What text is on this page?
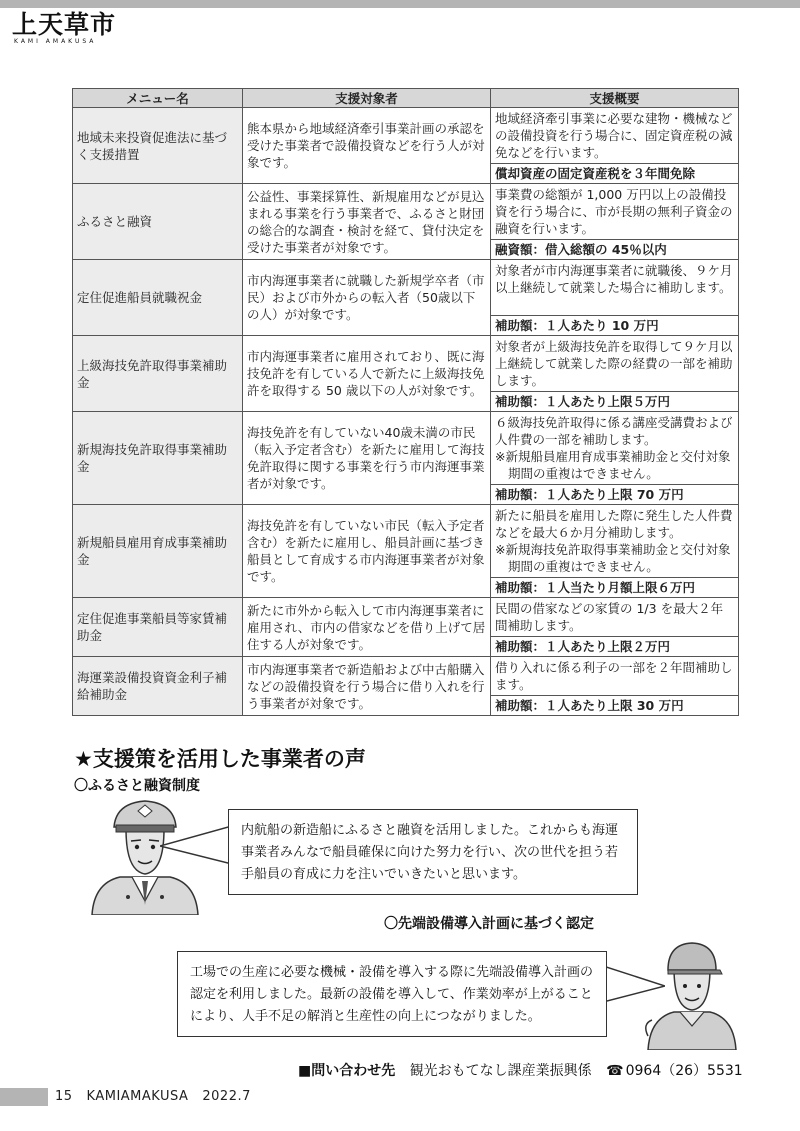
上天草市
KAMI AMAKUSA
メニュー名	支援対象者	支援概要
地域未来投資促進法に基づく支援措置	熊本県から地域経済牽引事業計画の承認を受けた事業者で設備投資などを行う人が対象です。	地域経済牽引事業に必要な建物・機械などの設備投資を行う場合に、固定資産税の減免などを行います。
		償却資産の固定資産税を３年間免除
ふるさと融資	公益性、事業採算性、新規雇用などが見込まれる事業を行う事業者で、ふるさと財団の総合的な調査・検討を経て、貸付決定を受けた事業者が対象です。	事業費の総額が 1,000 万円以上の設備投資を行う場合に、市が長期の無利子資金の融資を行います。
		融資額：借入総額の 45％以内
定住促進船員就職祝金	市内海運事業者に就職した新規学卒者（市民）および市外からの転入者（50歳以下の人）が対象です。	対象者が市内海運事業者に就職後、９ケ月以上継続して就業した場合に補助します。
		補助額：１人あたり 10 万円
上級海技免許取得事業補助金	市内海運事業者に雇用されており、既に海技免許を有している人で新たに上級海技免許を取得する 50 歳以下の人が対象です。	対象者が上級海技免許を取得して９ケ月以上継続して就業した際の経費の一部を補助します。
		補助額：１人あたり上限５万円
新規海技免許取得事業補助金	海技免許を有していない40歳未満の市民（転入予定者含む）を新たに雇用して海技免許取得に関する事業を行う市内海運事業者が対象です。	６級海技免許取得に係る講座受講費および人件費の一部を補助します。
※新規船員雇用育成事業補助金と交付対象期間の重複はできません。

		補助額：１人あたり上限 70 万円
新規船員雇用育成事業補助金	海技免許を有していない市民（転入予定者含む）を新たに雇用し、船員計画に基づき船員として育成する市内海運事業者が対象です。	新たに船員を雇用した際に発生した人件費などを最大６か月分補助します。
※新規海技免許取得事業補助金と交付対象期間の重複はできません。

		補助額：１人当たり月額上限６万円
定住促進事業船員等家賃補助金	新たに市外から転入して市内海運事業者に雇用され、市内の借家などを借り上げて居住する人が対象です。	民間の借家などの家賃の 1/3 を最大２年間補助します。
		補助額：１人あたり上限２万円
海運業設備投資資金利子補給補助金	市内海運事業者で新造船および中古船購入などの設備投資を行う場合に借り入れを行う事業者が対象です。	借り入れに係る利子の一部を２年間補助します。
		補助額：１人あたり上限 30 万円
★支援策を活用した事業者の声
〇ふるさと融資制度
内航船の新造船にふるさと融資を活用しました。これからも海運事業者みんなで船員確保に向けた努力を行い、次の世代を担う若手船員の育成に力を注いでいきたいと思います。
〇先端設備導入計画に基づく認定
工場での生産に必要な機械・設備を導入する際に先端設備導入計画の認定を利用しました。最新の設備を導入して、作業効率が上がることにより、人手不足の解消と生産性の向上につながりました。
■問い合わせ先 観光おもてなし課産業振興係 ☎ 0964（26）5531
15 KAMIAMAKUSA 2022.7
